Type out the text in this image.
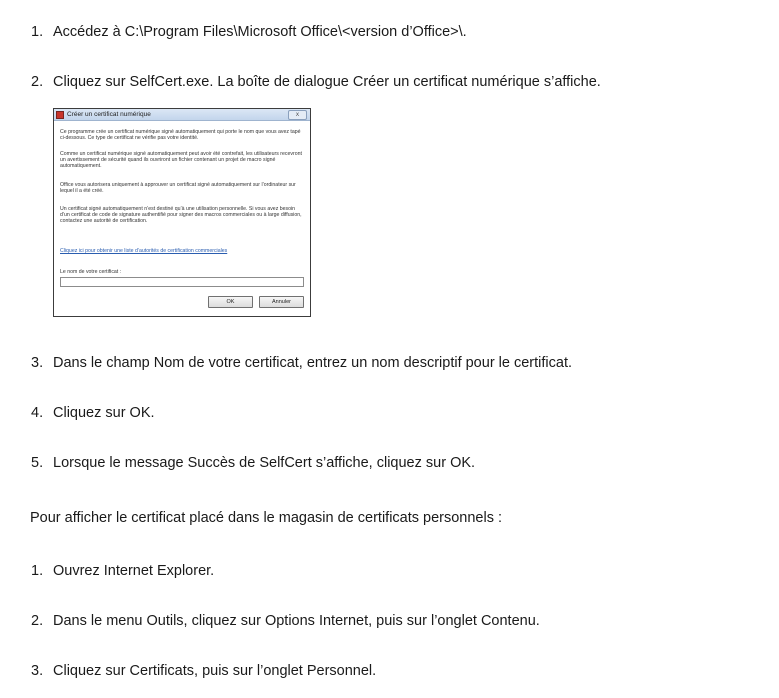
1. Accédez à C:\Program Files\Microsoft Office\<version d’Office>\.
2. Cliquez sur SelfCert.exe. La boîte de dialogue Créer un certificat numérique s’affiche.
Créer un certificat numérique	ꓫ
Ce programme crée un certificat numérique signé automatiquement qui porte le nom que vous avez tapé ci-dessous. Ce type de certificat ne vérifie pas votre identité.
Comme un certificat numérique signé automatiquement peut avoir été contrefait, les utilisateurs recevront un avertissement de sécurité quand ils ouvriront un fichier contenant un projet de macro signé automatiquement.
Office vous autorisera uniquement à approuver un certificat signé automatiquement sur l’ordinateur sur lequel il a été créé.
Un certificat signé automatiquement n’est destiné qu’à une utilisation personnelle. Si vous avez besoin d’un certificat de code de signature authentifié pour signer des macros commerciales ou à large diffusion, contactez une autorité de certification.
Cliquez ici pour obtenir une liste d’autorités de certification commerciales
Le nom de votre certificat :
OK	Annuler
3. Dans le champ Nom de votre certificat, entrez un nom descriptif pour le certificat.
4. Cliquez sur OK.
5. Lorsque le message Succès de SelfCert s’affiche, cliquez sur OK.
Pour afficher le certificat placé dans le magasin de certificats personnels :
1. Ouvrez Internet Explorer.
2. Dans le menu Outils, cliquez sur Options Internet, puis sur l’onglet Contenu.
3. Cliquez sur Certificats, puis sur l’onglet Personnel.
